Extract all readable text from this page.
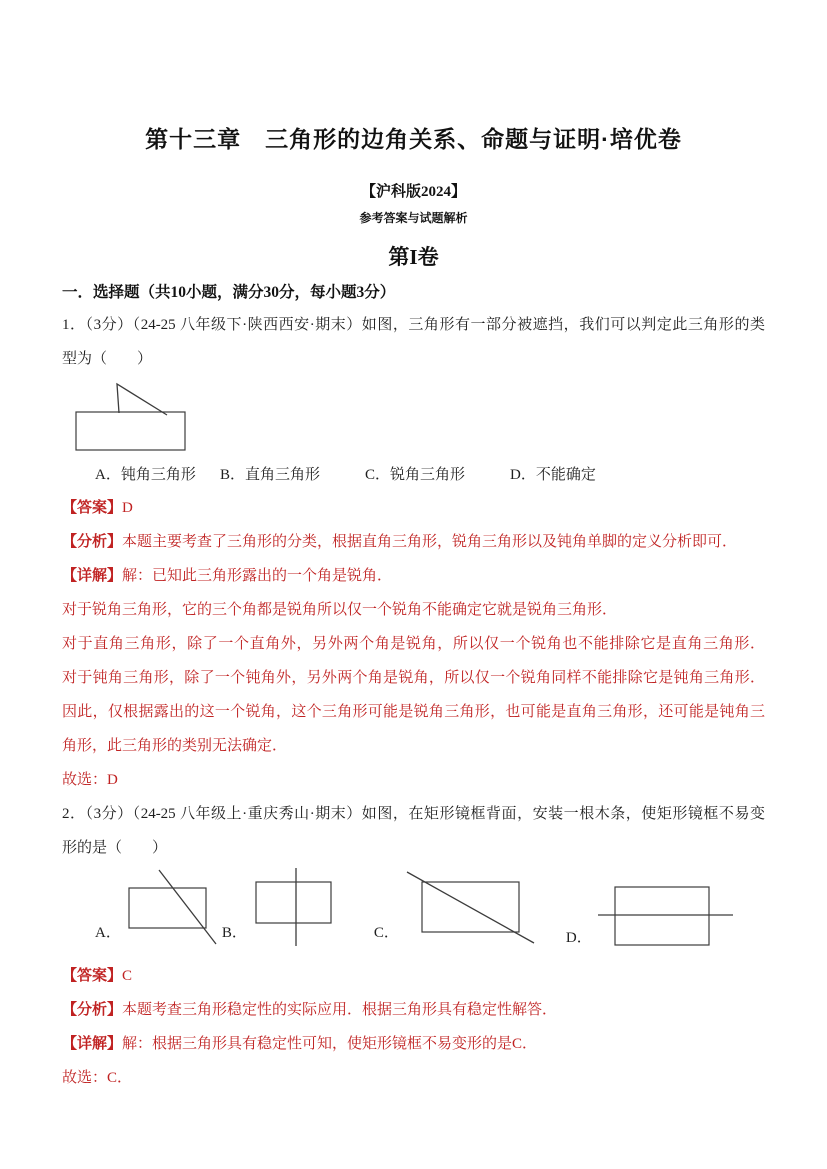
第十三章　三角形的边角关系、命题与证明·培优卷
【沪科版2024】
参考答案与试题解析
第I卷
一．选择题（共10小题，满分30分，每小题3分）

1．（3分）（24-25 八年级下·陕西西安·期末）如图，三角形有一部分被遮挡，我们可以判定此三角形的类

型为（　　）

A．钝角三角形	B．直角三角形	C．锐角三角形	D．不能确定

【答案】D

【分析】本题主要考查了三角形的分类，根据直角三角形，锐角三角形以及钝角单脚的定义分析即可．

【详解】解：已知此三角形露出的一个角是锐角．

对于锐角三角形，它的三个角都是锐角所以仅一个锐角不能确定它就是锐角三角形．

对于直角三角形，除了一个直角外，另外两个角是锐角，所以仅一个锐角也不能排除它是直角三角形．

对于钝角三角形，除了一个钝角外，另外两个角是锐角，所以仅一个锐角同样不能排除它是钝角三角形．

因此，仅根据露出的这一个锐角，这个三角形可能是锐角三角形，也可能是直角三角形，还可能是钝角三

角形，此三角形的类别无法确定．

故选：D

2．（3分）（24-25 八年级上·重庆秀山·期末）如图，在矩形镜框背面，安装一根木条，使矩形镜框不易变

形的是（　　）

A．	B．	C．	D．

【答案】C

【分析】本题考查三角形稳定性的实际应用．根据三角形具有稳定性解答．

【详解】解：根据三角形具有稳定性可知，使矩形镜框不易变形的是C．

故选：C．
